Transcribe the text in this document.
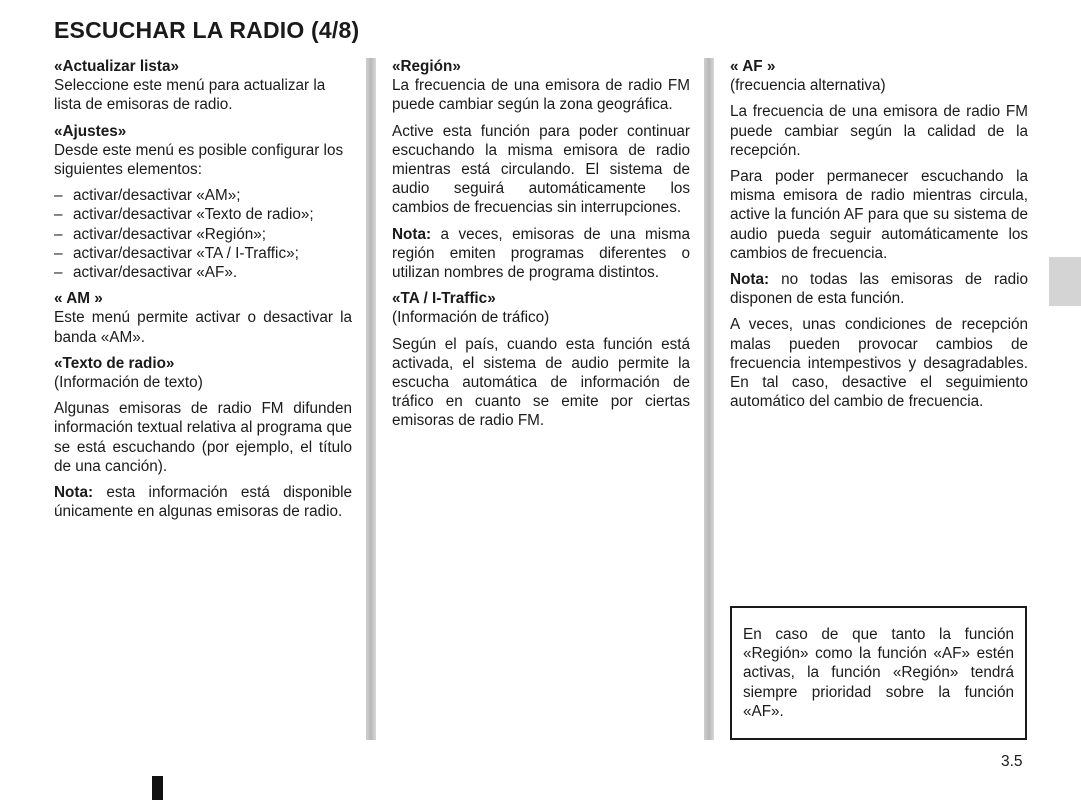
ESCUCHAR LA RADIO (4/8)

«Actualizar lista»

Seleccione este menú para actualizar la lista de emisoras de radio.

«Ajustes»

Desde este menú es posible configurar los siguientes elementos:

– activar/desactivar «AM»;
– activar/desactivar «Texto de radio»;
– activar/desactivar «Región»;
– activar/desactivar «TA / I-Traffic»;
– activar/desactivar «AF».

« AM »

Este menú permite activar o desactivar la banda «AM».

«Texto de radio»

(Información de texto)

Algunas emisoras de radio FM difunden información textual relativa al programa que se está escuchando (por ejemplo, el título de una canción).

Nota: esta información está disponible únicamente en algunas emisoras de radio.

«Región»

La frecuencia de una emisora de radio FM puede cambiar según la zona geográfica.

Active esta función para poder continuar escuchando la misma emisora de radio mientras está circulando. El sistema de audio seguirá automáticamente los cambios de frecuencias sin interrupciones.

Nota: a veces, emisoras de una misma región emiten programas diferentes o utilizan nombres de programa distintos.

«TA / I-Traffic»

(Información de tráfico)

Según el país, cuando esta función está activada, el sistema de audio permite la escucha automática de información de tráfico en cuanto se emite por ciertas emisoras de radio FM.

« AF »

(frecuencia alternativa)

La frecuencia de una emisora de radio FM puede cambiar según la calidad de la recepción.

Para poder permanecer escuchando la misma emisora de radio mientras circula, active la función AF para que su sistema de audio pueda seguir automáticamente los cambios de frecuencia.

Nota: no todas las emisoras de radio disponen de esta función.

A veces, unas condiciones de recepción malas pueden provocar cambios de frecuencia intempestivos y desagradables. En tal caso, desactive el seguimiento automático del cambio de frecuencia.

En caso de que tanto la función «Región» como la función «AF» estén activas, la función «Región» tendrá siempre prioridad sobre la función «AF».
3.5
